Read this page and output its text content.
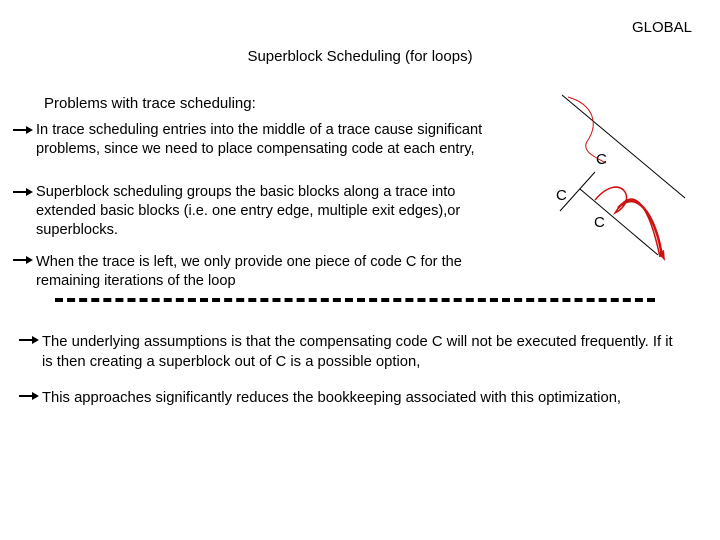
GLOBAL
Superblock Scheduling (for loops)
Problems with trace scheduling:
In trace scheduling entries into the middle of a trace cause significant problems, since we need to place compensating code at each entry,
Superblock scheduling groups the basic blocks along a trace into extended basic blocks (i.e. one entry edge, multiple exit edges),or superblocks.
When the trace is left, we only provide one piece of code C for the remaining iterations of the loop
The underlying assumptions is that the compensating code C will not be executed frequently. If it is then creating a superblock out of C is a possible option,
This approaches significantly reduces the bookkeeping associated with this optimization,
C
C
C
